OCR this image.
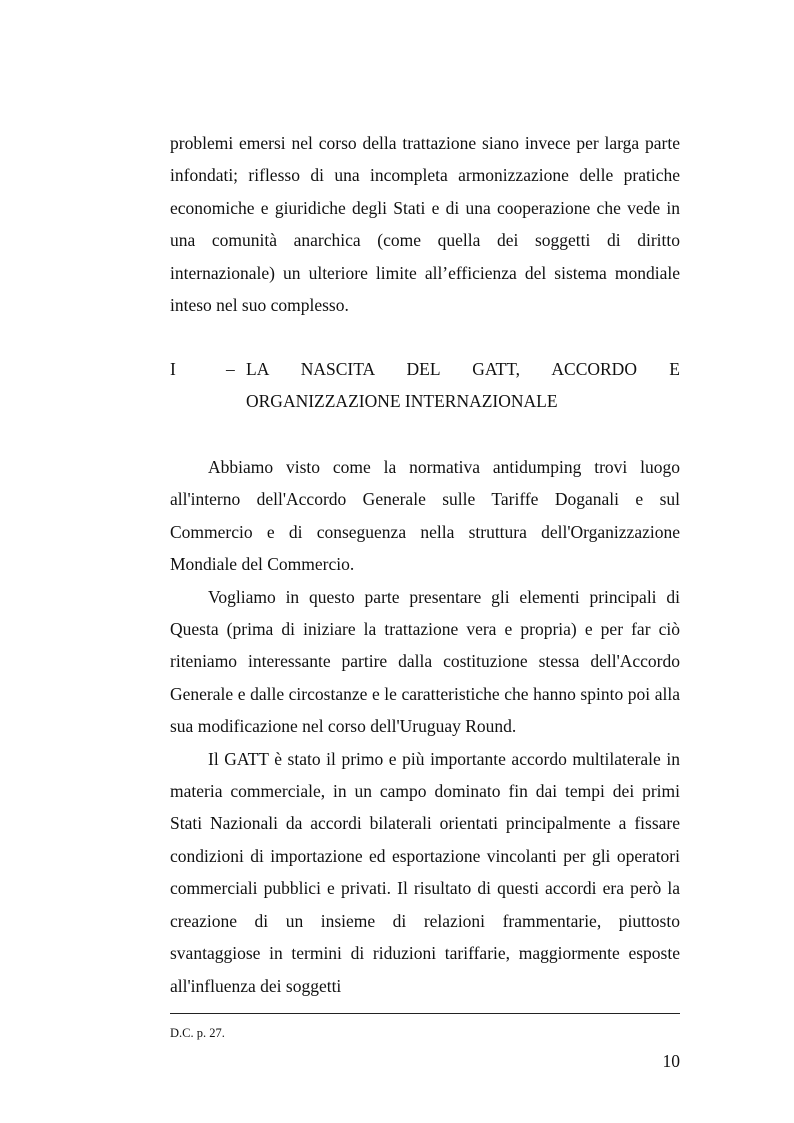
problemi emersi nel corso della trattazione siano invece per larga parte infondati; riflesso di una incompleta armonizzazione delle pratiche economiche e giuridiche degli Stati e di una cooperazione che vede in una comunità anarchica (come quella dei soggetti di diritto internazionale) un ulteriore limite all’efficienza del sistema mondiale inteso nel suo complesso.

I	– LA NASCITA DEL GATT, ACCORDO E
ORGANIZZAZIONE INTERNAZIONALE

Abbiamo visto come la normativa antidumping trovi luogo all'interno dell'Accordo Generale sulle Tariffe Doganali e sul Commercio e di conseguenza nella struttura dell'Organizzazione Mondiale del Commercio.

Vogliamo in questo parte presentare gli elementi principali di Questa (prima di iniziare la trattazione vera e propria) e per far ciò riteniamo interessante partire dalla costituzione stessa dell'Accordo Generale e dalle circostanze e le caratteristiche che hanno spinto poi alla sua modificazione nel corso dell'Uruguay Round.

Il GATT è stato il primo e più importante accordo multilaterale in materia commerciale, in un campo dominato fin dai tempi dei primi Stati Nazionali da accordi bilaterali orientati principalmente a fissare condizioni di importazione ed esportazione vincolanti per gli operatori commerciali pubblici e privati. Il risultato di questi accordi era però la creazione di un insieme di relazioni frammentarie, piuttosto svantaggiose in termini di riduzioni tariffarie, maggiormente esposte all'influenza dei soggetti

D.C. p. 27.
10
